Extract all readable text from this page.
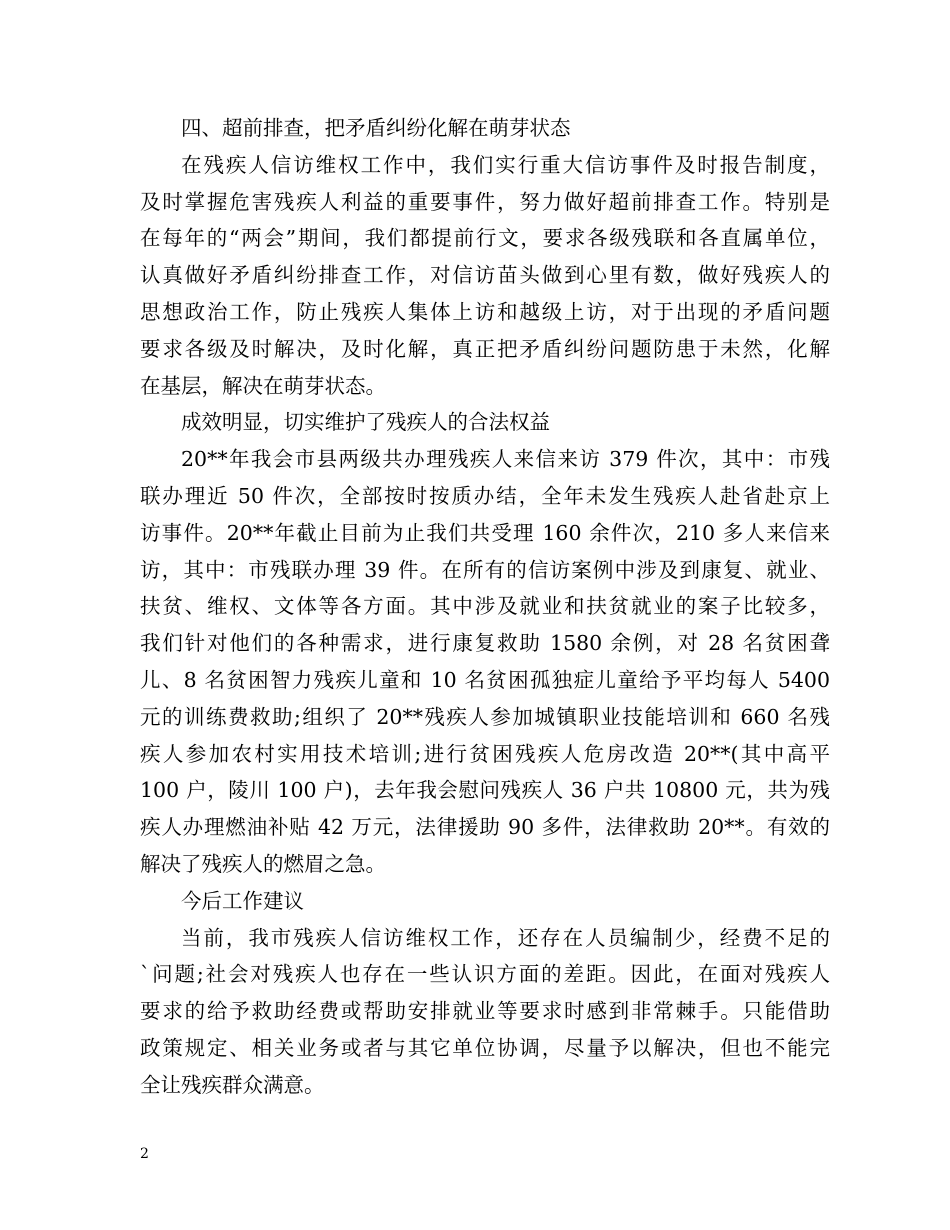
四、超前排查，把矛盾纠纷化解在萌芽状态
在残疾人信访维权工作中，我们实行重大信访事件及时报告制度，
及时掌握危害残疾人利益的重要事件，努力做好超前排查工作。特别是
在每年的“两会”期间，我们都提前行文，要求各级残联和各直属单位，
认真做好矛盾纠纷排查工作，对信访苗头做到心里有数，做好残疾人的
思想政治工作，防止残疾人集体上访和越级上访，对于出现的矛盾问题
要求各级及时解决，及时化解，真正把矛盾纠纷问题防患于未然，化解
在基层，解决在萌芽状态。
成效明显，切实维护了残疾人的合法权益
20**年我会市县两级共办理残疾人来信来访 379 件次，其中：市残
联办理近 50 件次，全部按时按质办结，全年未发生残疾人赴省赴京上
访事件。20**年截止目前为止我们共受理 160 余件次，210 多人来信来
访，其中：市残联办理 39 件。在所有的信访案例中涉及到康复、就业、
扶贫、维权、文体等各方面。其中涉及就业和扶贫就业的案子比较多，
我们针对他们的各种需求，进行康复救助 1580 余例，对 28 名贫困聋
儿、8 名贫困智力残疾儿童和 10 名贫困孤独症儿童给予平均每人 5400
元的训练费救助;组织了 20**残疾人参加城镇职业技能培训和 660 名残
疾人参加农村实用技术培训;进行贫困残疾人危房改造 20**(其中高平
100 户，陵川 100 户)，去年我会慰问残疾人 36 户共 10800 元，共为残
疾人办理燃油补贴 42 万元，法律援助 90 多件，法律救助 20**。有效的
解决了残疾人的燃眉之急。
今后工作建议
当前，我市残疾人信访维权工作，还存在人员编制少，经费不足的
`问题;社会对残疾人也存在一些认识方面的差距。因此，在面对残疾人
要求的给予救助经费或帮助安排就业等要求时感到非常棘手。只能借助
政策规定、相关业务或者与其它单位协调，尽量予以解决，但也不能完
全让残疾群众满意。
2
